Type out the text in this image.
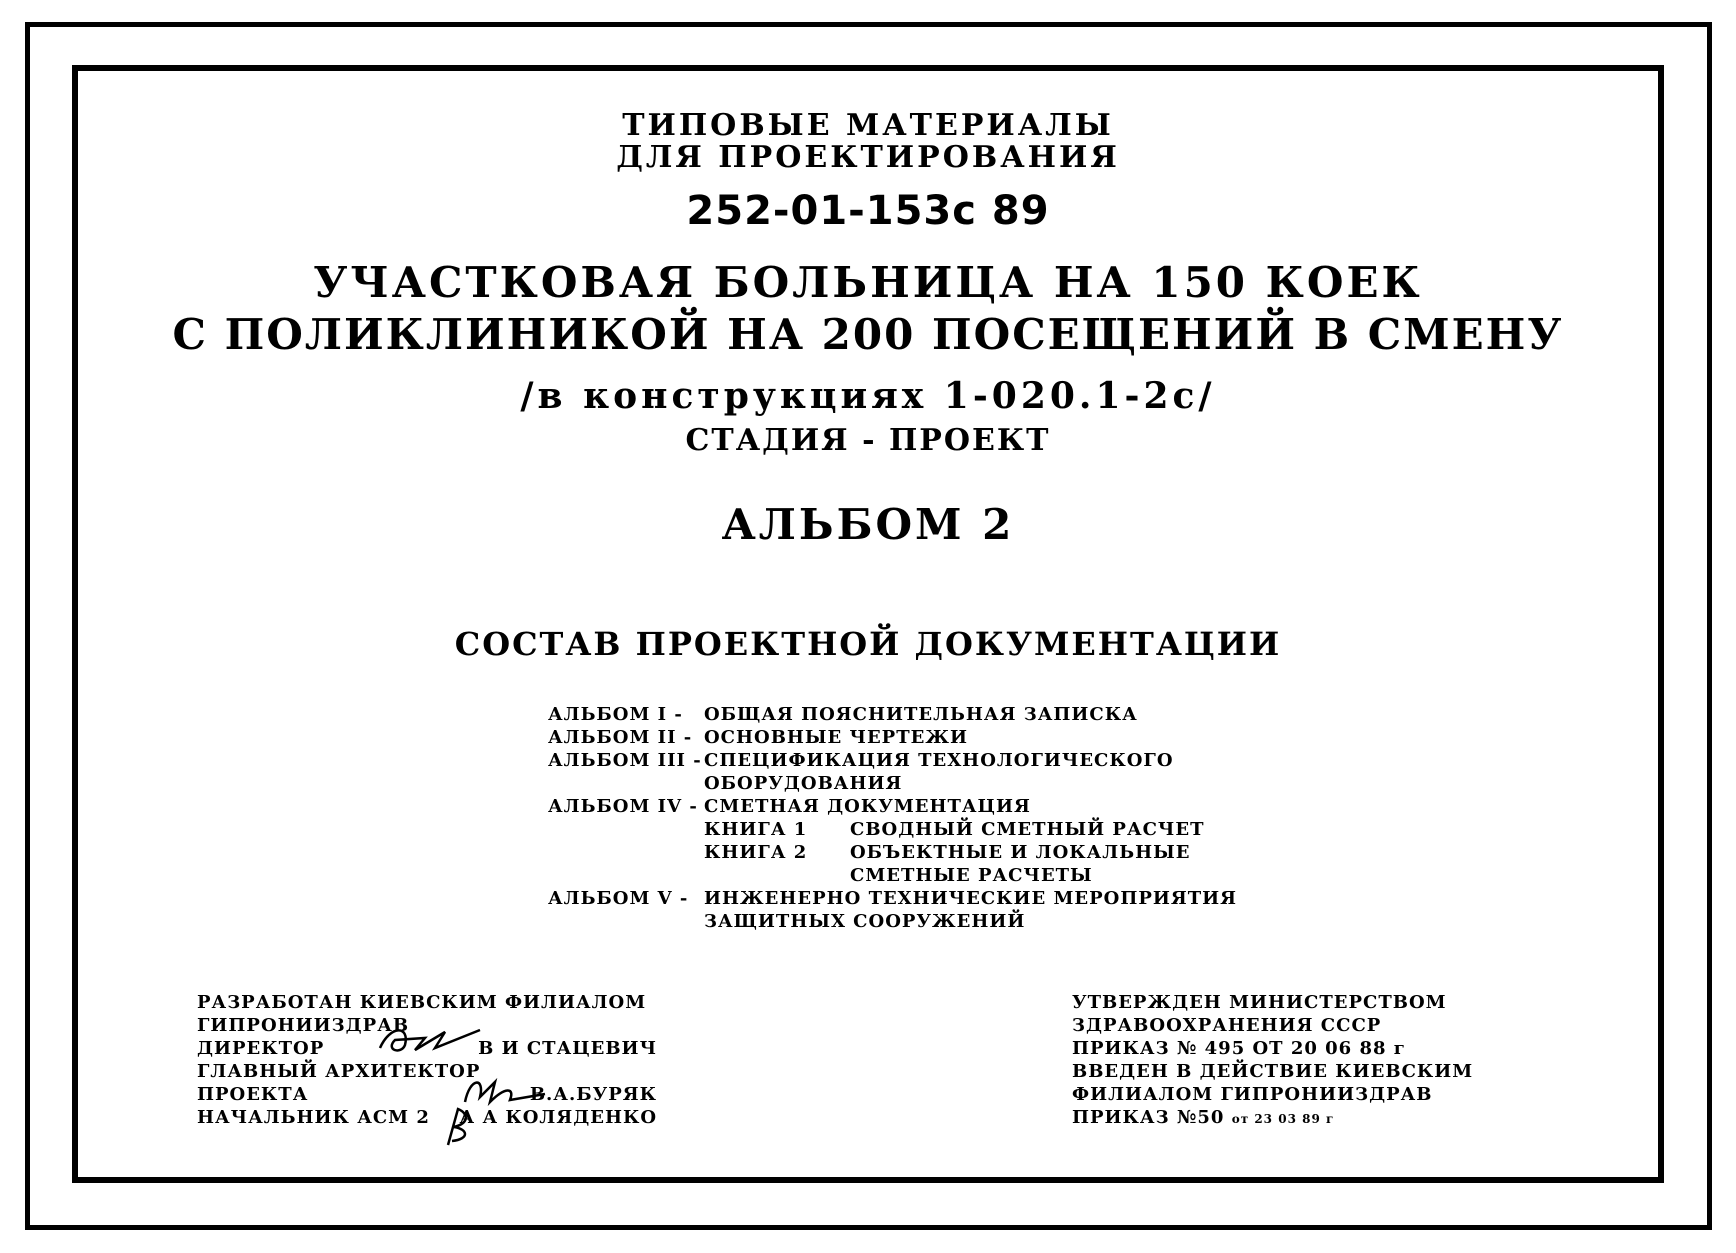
ТИПОВЫЕ МАТЕРИАЛЫ
ДЛЯ ПРОЕКТИРОВАНИЯ
252-01-153с 89
УЧАСТКОВАЯ БОЛЬНИЦА НА 150 КОЕК
С ПОЛИКЛИНИКОЙ НА 200 ПОСЕЩЕНИЙ В СМЕНУ
/в конструкциях 1-020.1-2с/
СТАДИЯ - ПРОЕКТ
АЛЬБОМ 2
СОСТАВ ПРОЕКТНОЙ ДОКУМЕНТАЦИИ
АЛЬБОМ I - ОБЩАЯ ПОЯСНИТЕЛЬНАЯ ЗАПИСКА
АЛЬБОМ II - ОСНОВНЫЕ ЧЕРТЕЖИ
АЛЬБОМ III - СПЕЦИФИКАЦИЯ ТЕХНОЛОГИЧЕСКОГО
ОБОРУДОВАНИЯ
АЛЬБОМ IV - СМЕТНАЯ ДОКУМЕНТАЦИЯ
КНИГА 1 СВОДНЫЙ СМЕТНЫЙ РАСЧЕТ
КНИГА 2 ОБЪЕКТНЫЕ И ЛОКАЛЬНЫЕ
СМЕТНЫЕ РАСЧЕТЫ
АЛЬБОМ V - ИНЖЕНЕРНО ТЕХНИЧЕСКИЕ МЕРОПРИЯТИЯ
ЗАЩИТНЫХ СООРУЖЕНИЙ
РАЗРАБОТАН КИЕВСКИМ ФИЛИАЛОМ
ГИПРОНИИЗДРАВ
ДИРЕКТОР	В И СТАЦЕВИЧ
ГЛАВНЫЙ АРХИТЕКТОР
ПРОЕКТА	В.А.БУРЯК
НАЧАЛЬНИК АСМ 2 А А КОЛЯДЕНКО
УТВЕРЖДЕН МИНИСТЕРСТВОМ
ЗДРАВООХРАНЕНИЯ СССР
ПРИКАЗ № 495 ОТ 20 06 88 г
ВВЕДЕН В ДЕЙСТВИЕ КИЕВСКИМ
ФИЛИАЛОМ ГИПРОНИИЗДРАВ
ПРИКАЗ №50 от 23 03 89 г
